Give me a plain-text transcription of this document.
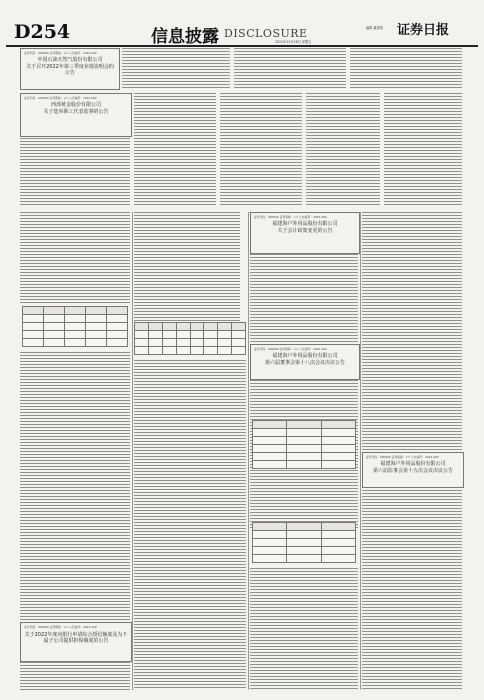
D254	信息披露 DISCLOSURE	证券日报
编辑 董春明
2022年10月28日 星期五
证券代码：000000 证券简称：×× 公告编号：2022-000
中国石油天然气股份有限公司
关于召开2022年第三季度业绩说明会的公告
证券代码：000000 证券简称：×× 公告编号：2022-000
西部黄金股份有限公司
关于选举职工代表监事的公告

证券代码：000000 证券简称：×× 公告编号：2022-000
福建海户外用品股份有限公司
关于会计政策变更的公告
证券代码：000000 证券简称：×× 公告编号：2022-000
福建海户外用品股份有限公司
第六届董事会第十八次会议决议公告

证券代码：000000 证券简称：×× 公告编号：2022-000
福建海户外用品股份有限公司
第六届监事会第十五次会议决议公告
证券代码：000000 证券简称：×× 公告编号：2022-000
关于2022年度向银行申请综合授信额度及为下属子公司提供担保额度的公告
